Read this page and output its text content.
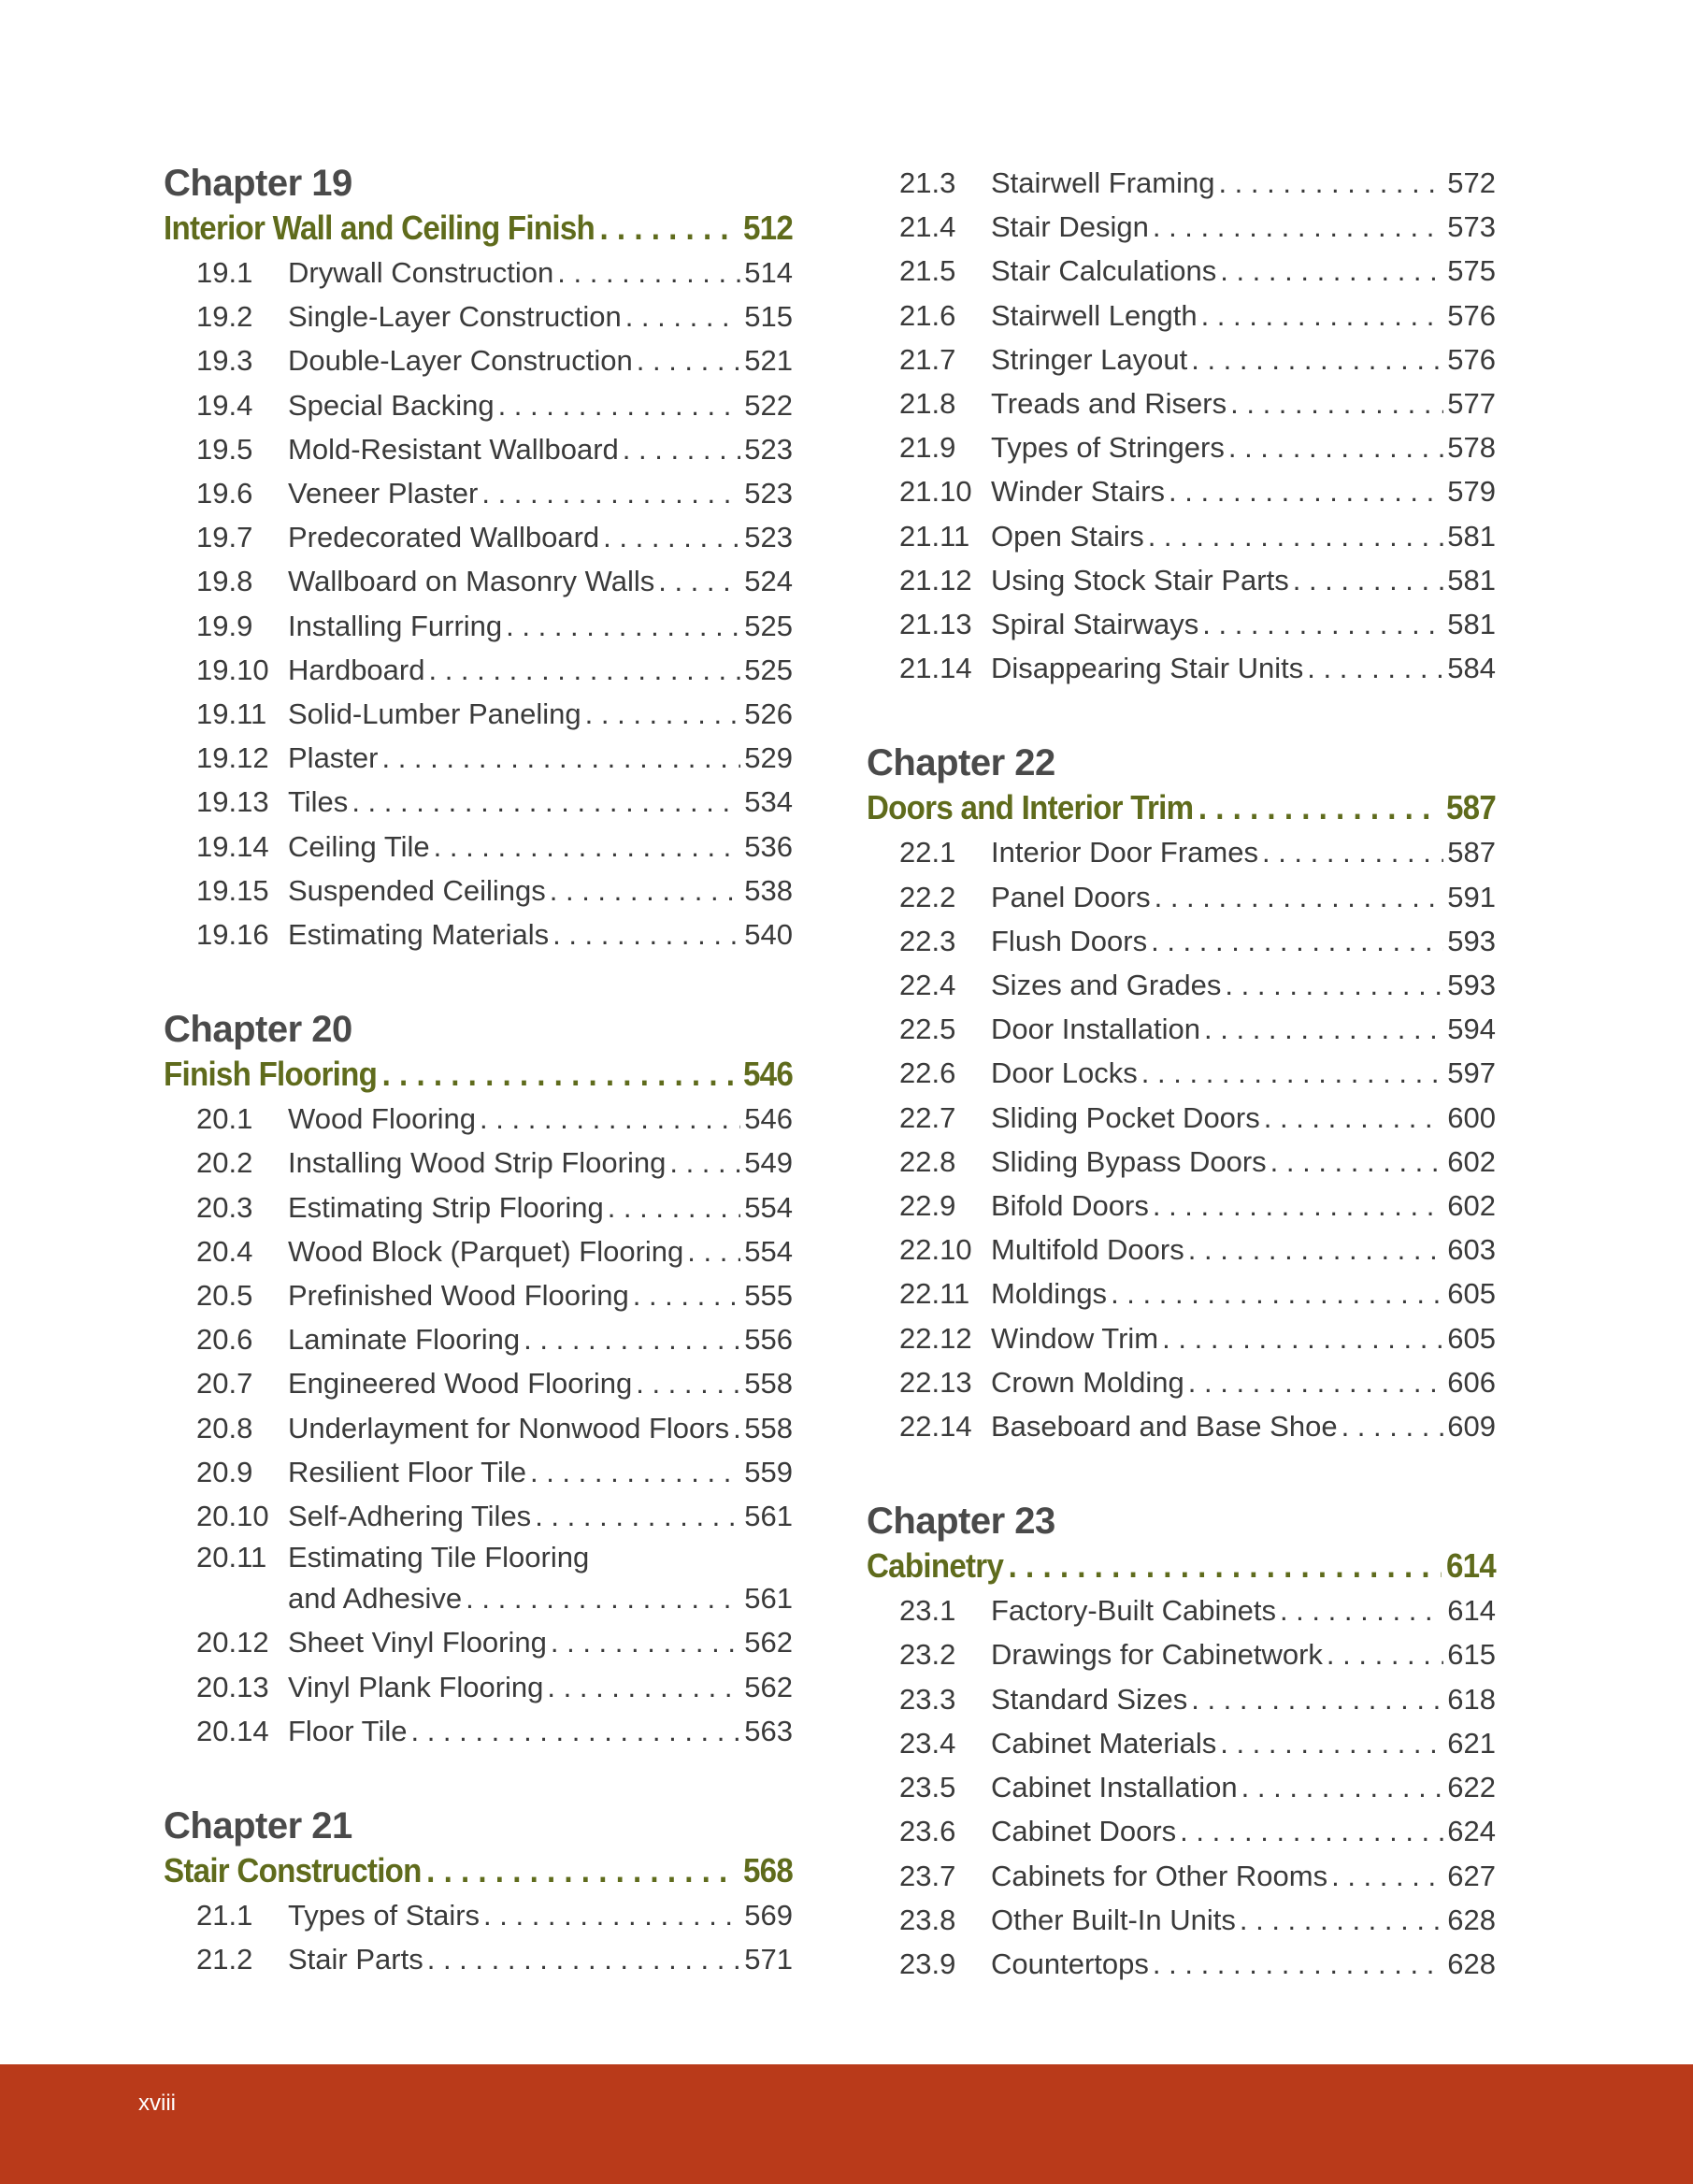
Chapter 19
Interior Wall and Ceiling Finish . . .	512
19.1	Drywall Construction . . .	514
19.2	Single-Layer Construction . . .	515
19.3	Double-Layer Construction . . .	521
19.4	Special Backing . . .	522
19.5	Mold-Resistant Wallboard . . .	523
19.6	Veneer Plaster . . .	523
19.7	Predecorated Wallboard . . .	523
19.8	Wallboard on Masonry Walls . . .	524
19.9	Installing Furring . . .	525
19.10 Hardboard . . .	525
19.11 Solid-Lumber Paneling . . .	526
19.12 Plaster . . .	529
19.13 Tiles . . .	534
19.14 Ceiling Tile . . .	536
19.15 Suspended Ceilings . . .	538
19.16 Estimating Materials . . .	540
Chapter 20
Finish Flooring . . .	546
20.1	Wood Flooring . . .	546
20.2	Installing Wood Strip Flooring . . .	549
20.3	Estimating Strip Flooring . . .	554
20.4	Wood Block (Parquet) Flooring . . . 554
20.5	Prefinished Wood Flooring . . .	555
20.6	Laminate Flooring . . .	556
20.7	Engineered Wood Flooring . . .	558
20.8	Underlayment for Nonwood Floors . . . 558
20.9	Resilient Floor Tile . . .	559
20.10 Self-Adhering Tiles . . .	561
20.11 Estimating Tile Flooring
and Adhesive . . .	561
20.12 Sheet Vinyl Flooring . . .	562
20.13 Vinyl Plank Flooring . . .	562
20.14 Floor Tile . . .	563
Chapter 21
Stair Construction . . .	568
21.1	Types of Stairs . . .	569
21.2	Stair Parts . . .	571
21.3	Stairwell Framing . . .	572
21.4	Stair Design . . .	573
21.5	Stair Calculations . . .	575
21.6	Stairwell Length . . .	576
21.7	Stringer Layout . . .	576
21.8	Treads and Risers . . .	577
21.9	Types of Stringers . . .	578
21.10 Winder Stairs . . .	579
21.11 Open Stairs . . .	581
21.12 Using Stock Stair Parts . . .	581
21.13 Spiral Stairways . . .	581
21.14 Disappearing Stair Units . . .	584
Chapter 22
Doors and Interior Trim . . .	587
22.1	Interior Door Frames . . .	587
22.2	Panel Doors . . .	591
22.3	Flush Doors . . .	593
22.4	Sizes and Grades . . .	593
22.5	Door Installation . . .	594
22.6	Door Locks . . .	597
22.7	Sliding Pocket Doors . . .	600
22.8	Sliding Bypass Doors . . .	602
22.9	Bifold Doors . . .	602
22.10 Multifold Doors . . .	603
22.11 Moldings . . .	605
22.12 Window Trim . . .	605
22.13 Crown Molding . . .	606
22.14 Baseboard and Base Shoe . . .	609
Chapter 23
Cabinetry . . .	614
23.1	Factory-Built Cabinets . . .	614
23.2	Drawings for Cabinetwork . . .	615
23.3	Standard Sizes . . .	618
23.4	Cabinet Materials . . .	621
23.5	Cabinet Installation . . .	622
23.6	Cabinet Doors . . .	624
23.7	Cabinets for Other Rooms . . .	627
23.8	Other Built-In Units . . .	628
23.9	Countertops . . .	628
xviii
